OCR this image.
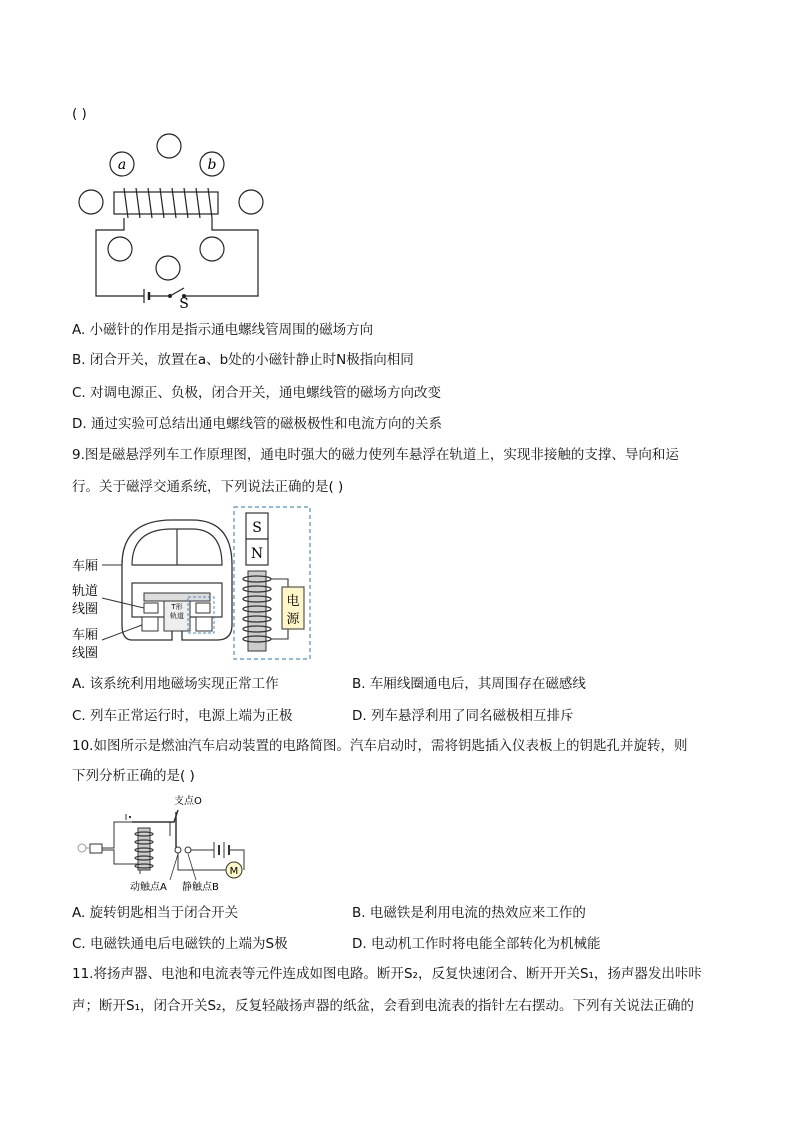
( )
a	b
S
A. 小磁针的作用是指示通电螺线管周围的磁场方向
B. 闭合开关，放置在a、b处的小磁针静止时N极指向相同
C. 对调电源正、负极，闭合开关，通电螺线管的磁场方向改变
D. 通过实验可总结出通电螺线管的磁极极性和电流方向的关系
9.图是磁悬浮列车工作原理图，通电时强大的磁力使列车悬浮在轨道上，实现非接触的支撑、导向和运
行。关于磁浮交通系统，下列说法正确的是( )
T形
轨道
车厢
轨道
线圈
车厢
线圈
S
N
电
源
A. 该系统利用地磁场实现正常工作	B. 车厢线圈通电后，其周围存在磁感线
C. 列车正常运行时，电源上端为正极	D. 列车悬浮利用了同名磁极相互排斥
10.如图所示是燃油汽车启动装置的电路简图。汽车启动时，需将钥匙插入仪表板上的钥匙孔并旋转，则
下列分析正确的是( )
支点O
M
动触点A 静触点B
A. 旋转钥匙相当于闭合开关	B. 电磁铁是利用电流的热效应来工作的
C. 电磁铁通电后电磁铁的上端为S极	D. 电动机工作时将电能全部转化为机械能
11.将扬声器、电池和电流表等元件连成如图电路。断开S₂，反复快速闭合、断开开关S₁，扬声器发出咔咔
声；断开S₁，闭合开关S₂，反复轻敲扬声器的纸盆，会看到电流表的指针左右摆动。下列有关说法正确的
